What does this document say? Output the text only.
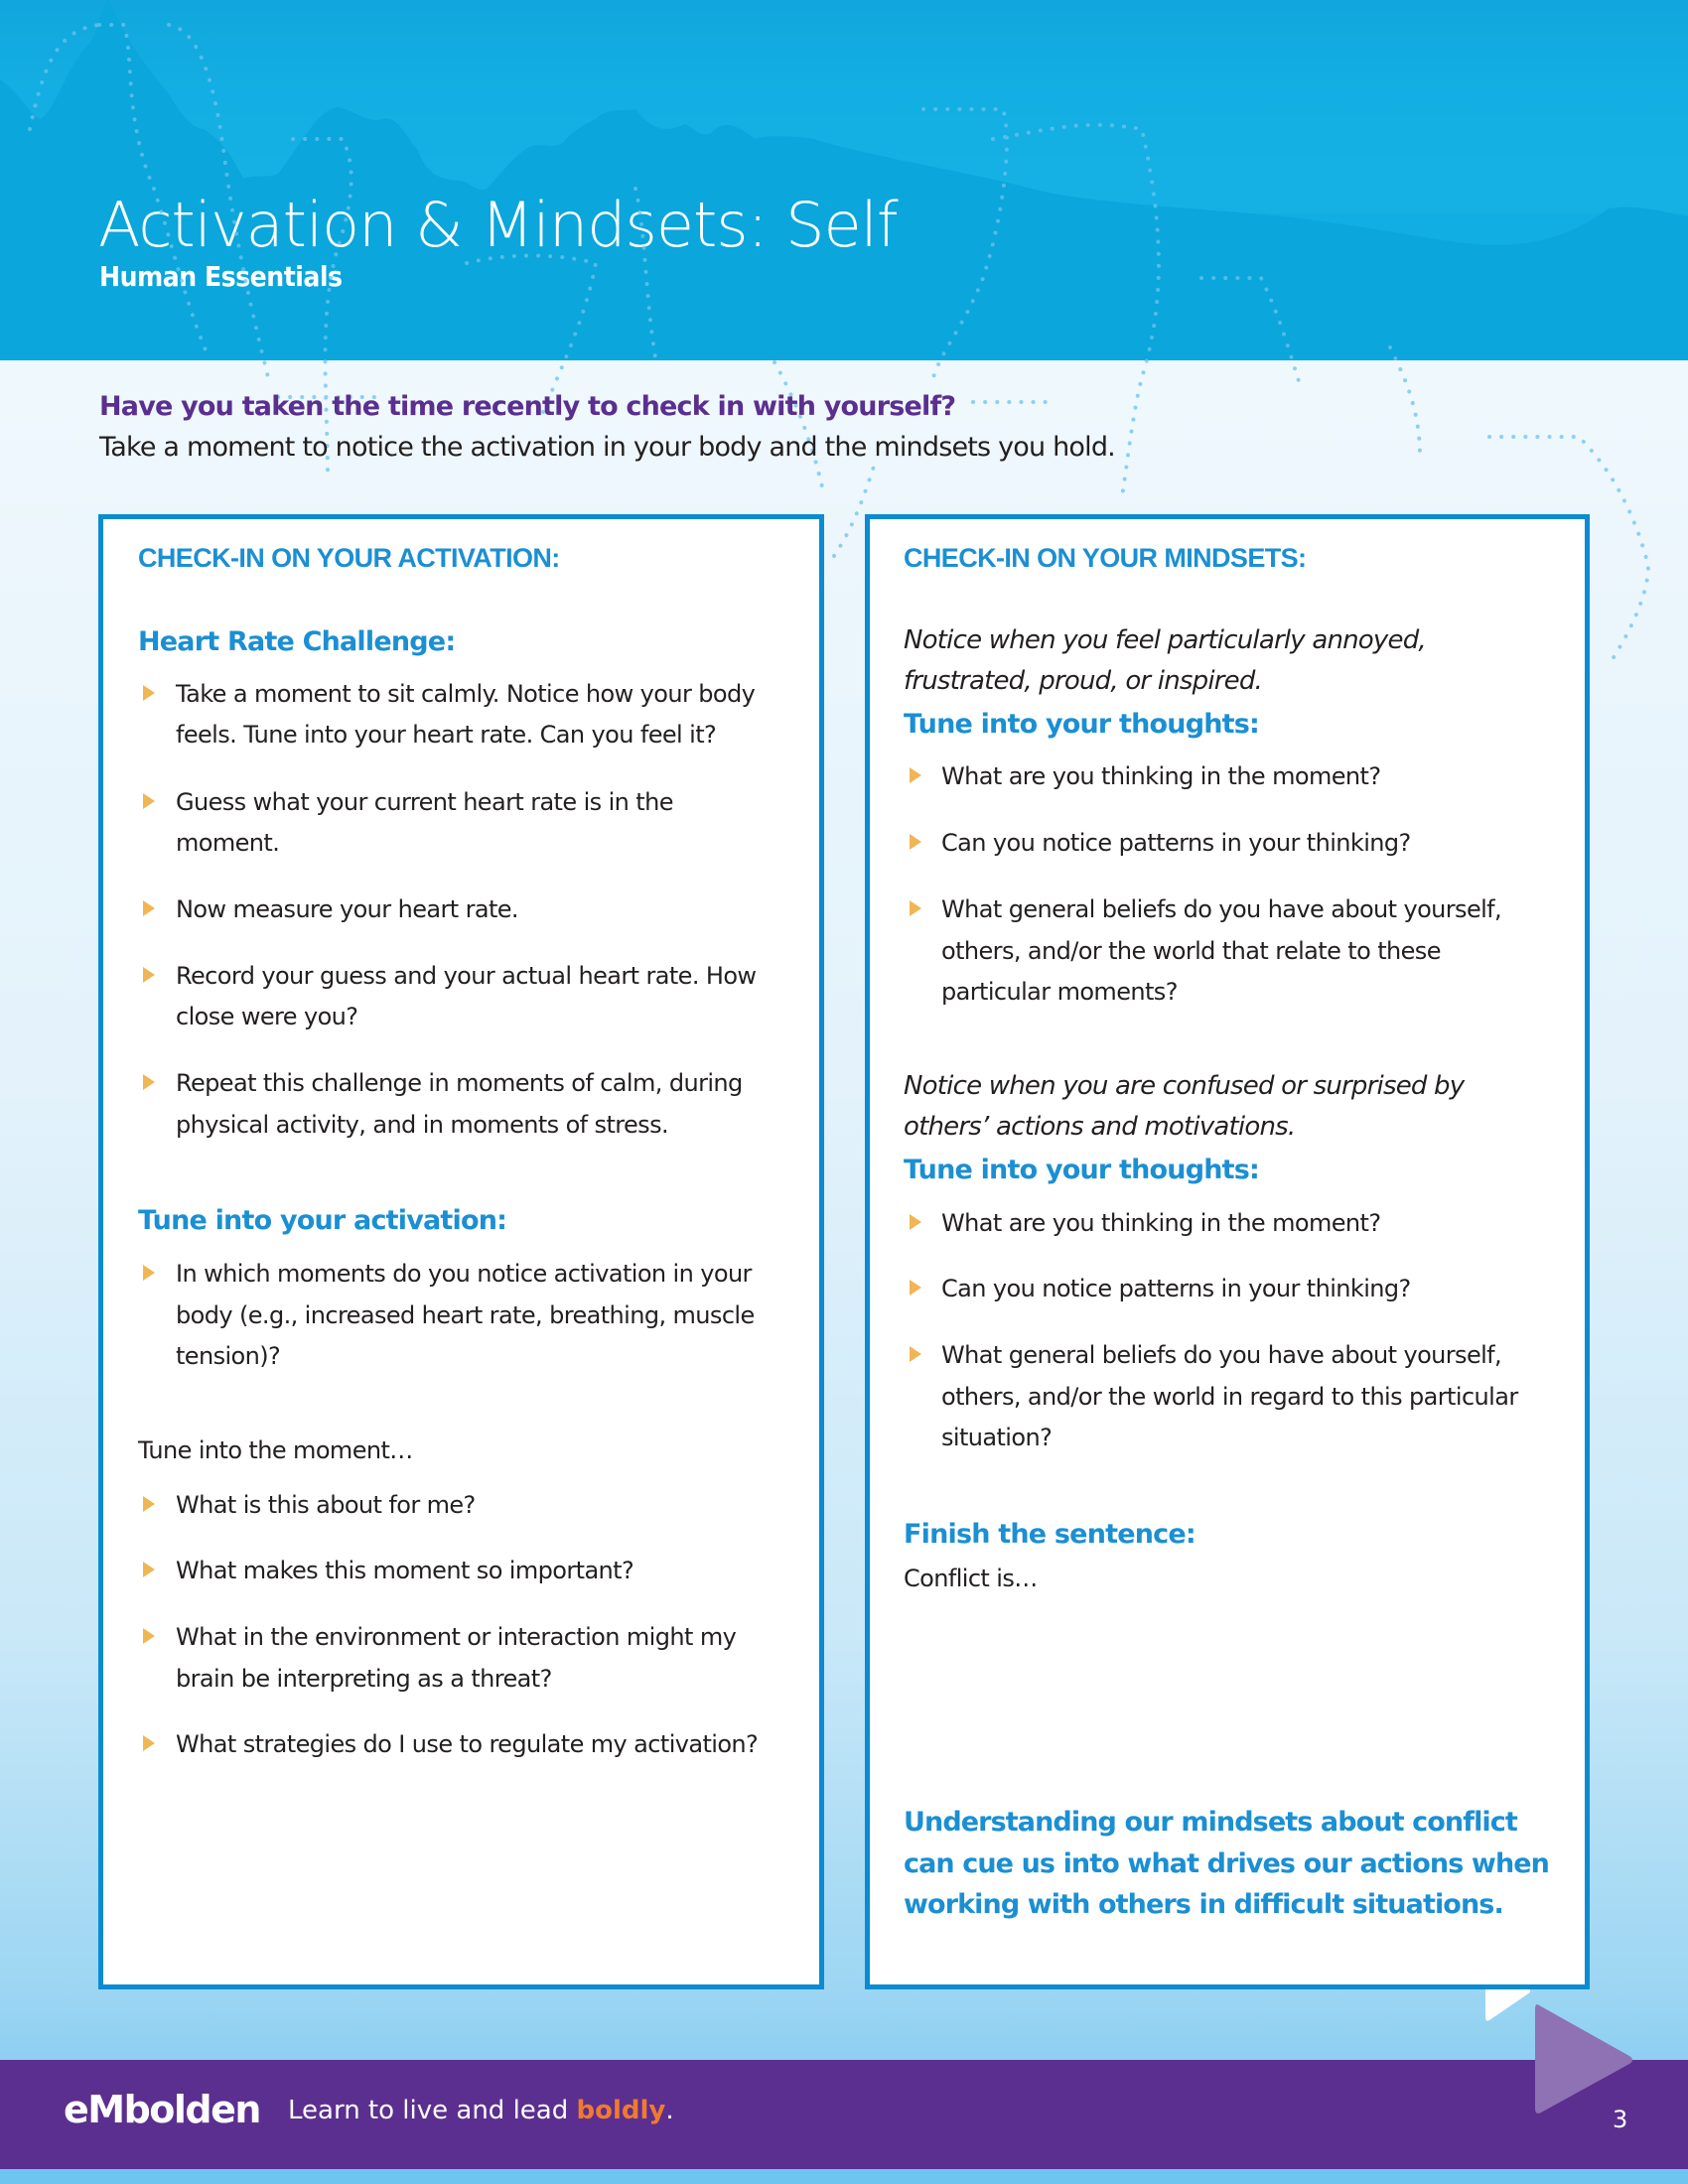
Activation & Mindsets: Self
Human Essentials
Have you taken the time recently to check in with yourself?
Take a moment to notice the activation in your body and the mindsets you hold.
CHECK-IN ON YOUR ACTIVATION:
Heart Rate Challenge:
Take a moment to sit calmly. Notice how your body
feels. Tune into your heart rate. Can you feel it?
Guess what your current heart rate is in the
moment.
Now measure your heart rate.
Record your guess and your actual heart rate. How
close were you?
Repeat this challenge in moments of calm, during
physical activity, and in moments of stress.
Tune into your activation:
In which moments do you notice activation in your
body (e.g., increased heart rate, breathing, muscle
tension)?
Tune into the moment…
What is this about for me?
What makes this moment so important?
What in the environment or interaction might my
brain be interpreting as a threat?
What strategies do I use to regulate my activation?
CHECK-IN ON YOUR MINDSETS:
Notice when you feel particularly annoyed,
frustrated, proud, or inspired.
Tune into your thoughts:
What are you thinking in the moment?
Can you notice patterns in your thinking?
What general beliefs do you have about yourself,
others, and/or the world that relate to these
particular moments?
Notice when you are confused or surprised by
others’ actions and motivations.
Tune into your thoughts:
What are you thinking in the moment?
Can you notice patterns in your thinking?
What general beliefs do you have about yourself,
others, and/or the world in regard to this particular
situation?
Finish the sentence:
Conflict is…
Understanding our mindsets about conflict
can cue us into what drives our actions when
working with others in difficult situations.
eMbolden Learn to live and lead boldly.	3
